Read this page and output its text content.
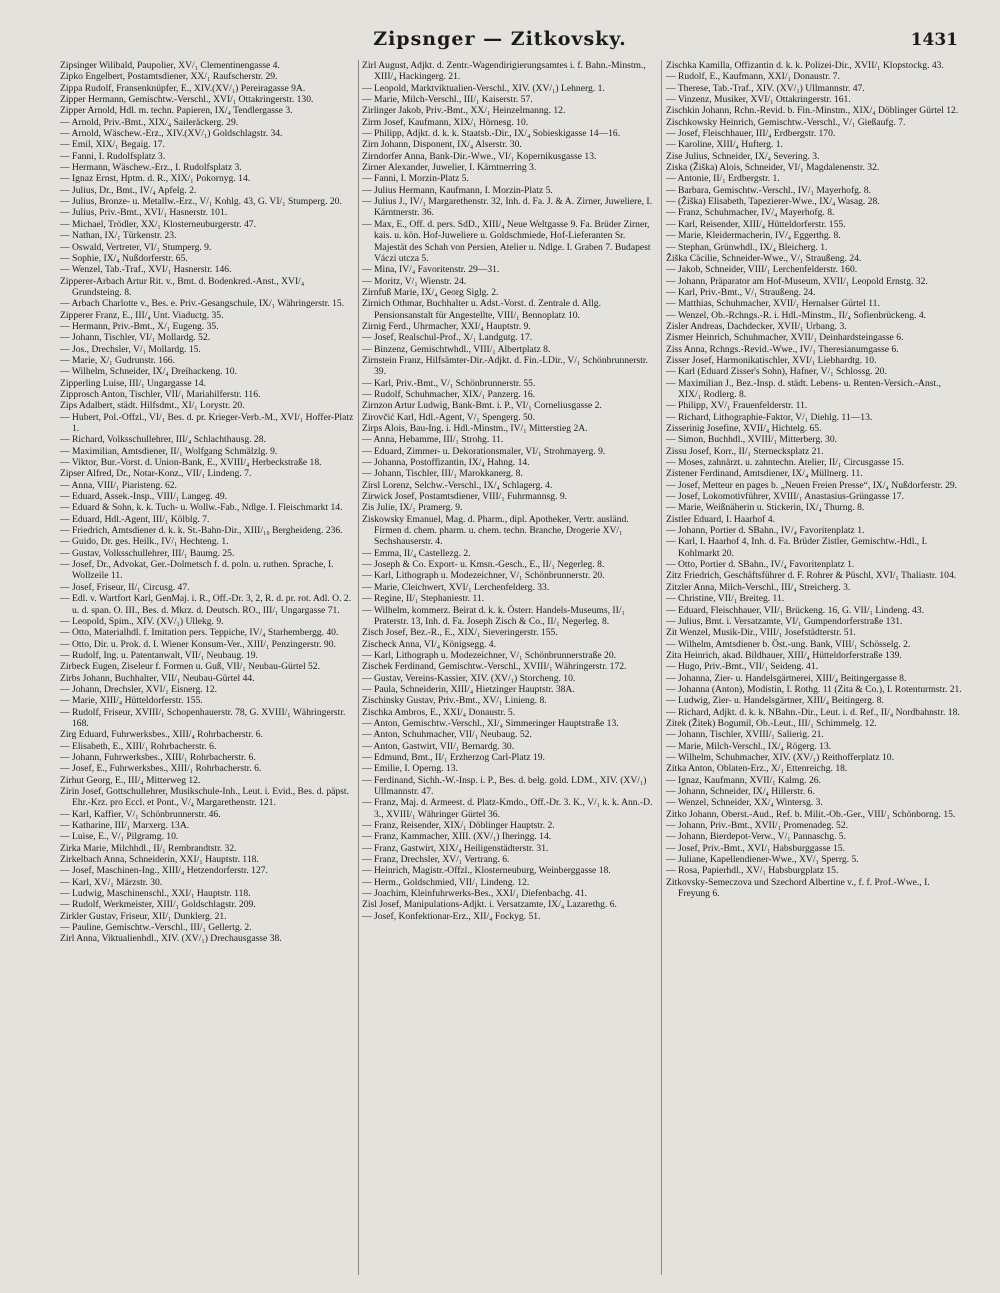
Zipsnger — Zitkovsky.	1431

Zipsinger Wilibald, Paupolier, XV/₁ Clementinengasse 4.

Zipko Engelbert, Postamtsdiener, XX/₁ Raufscherstr. 29.

Zippa Rudolf, Fransenknüpfer, E., XIV.(XV/₁) Pereiragasse 9A.

Zipper Hermann, Gemischtw.-Verschl., XVI/₁ Ottakringerstr. 130.

Zipper Arnold, Hdl. m. techn. Papieren, IX/₄ Tendlergasse 3.

— Arnold, Priv.-Bmt., XIX/₄ Saileräckerg. 29.

— Arnold, Wäschew.-Erz., XIV.(XV/₁) Goldschlagstr. 34.

— Emil, XIX/₁ Begaig. 17.

— Fanni, I. Rudolfsplatz 3.

— Hermann, Wäschew.-Erz., I. Rudolfsplatz 3.

— Ignaz Ernst, Hptm. d. R., XIX/₁ Pokornyg. 14.

— Julius, Dr., Bmt., IV/₄ Apfelg. 2.

— Julius, Bronze- u. Metallw.-Erz., V/₁ Kohlg. 43, G. VI/₁ Stumperg. 20.

— Julius, Priv.-Bmt., XVI/₁ Hasnerstr. 101.

— Michael, Trödler, XX/₁ Klosterneuburgerstr. 47.

— Nathan, IX/₁ Türkenstr. 23.

— Oswald, Vertreter, VI/₁ Stumperg. 9.

— Sophie, IX/₄ Nußdorferstr. 65.

— Wenzel, Tab.-Traf., XVI/₁ Hasnerstr. 146.

Zipperer-Arbach Artur Rit. v., Bmt. d. Bodenkred.-Anst., XVI/₄ Grundsteing. 8.

— Arbach Charlotte v., Bes. e. Priv.-Gesangschule, IX/₁ Währingerstr. 15.

Zipperer Franz, E., III/₄ Unt. Viaductg. 35.

— Hermann, Priv.-Bmt., X/₁ Eugeng. 35.

— Johann, Tischler, VI/₁ Mollardg. 52.

— Jos., Drechsler, V/₁ Mollardg. 15.

— Marie, X/₁ Gudrunstr. 166.

— Wilhelm, Schneider, IX/₄ Dreihackeng. 10.

Zipperling Luise, III/₁ Ungargasse 14.

Zipprosch Anton, Tischler, VII/₁ Mariahilferstr. 116.

Zips Adalbert, städt. Hilfsdmt., XI/₁ Lorystr. 20.

— Hubert, Pol.-Offzl., VI/₁ Bes. d. pr. Krieger-Verb.-M., XVI/₁ Hoffer-Platz 1.

— Richard, Volksschullehrer, III/₄ Schlachthausg. 28.

— Maximilian, Amtsdiener, II/₁ Wolfgang Schmälzlg. 9.

— Viktor, Bur.-Vorst. d. Union-Bank, E., XVIII/₄ Herbeckstraße 18.

Zipser Alfred, Dr., Notar-Konz., VII/₁ Lindeng. 7.

— Anna, VIII/₁ Piaristeng. 62.

— Eduard, Assek.-Insp., VIII/₁ Langeg. 49.

— Eduard & Sohn, k. k. Tuch- u. Wollw.-Fab., Ndlge. I. Fleischmarkt 14.

— Eduard, Hdl.-Agent, III/₁ Kölblg. 7.

— Friedrich, Amtsdiener d. k. k. St.-Bahn-Dir., XIII/₁₀ Bergheideng. 236.

— Guido, Dr. ges. Heilk., IV/₁ Hechteng. 1.

— Gustav, Volksschullehrer, III/₁ Baumg. 25.

— Josef, Dr., Advokat, Ger.-Dolmetsch f. d. poln. u. ruthen. Sprache, I. Wollzeile 11.

— Josef, Friseur, II/₁ Circusg. 47.

— Edl. v. Wartfort Karl, GenMaj. i. R., Off.-Dr. 3, 2, R. d. pr. rot. Adl. O. 2. u. d. span. O. III., Bes. d. Mkrz. d. Deutsch. RO., III/₁ Ungargasse 71.

— Leopold, Spim., XIV. (XV/₁) Ullekg. 9.

— Otto, Materialhdl. f. Imitation pers. Teppiche, IV/₄ Starhembergg. 40.

— Otto, Dir. u. Prok. d. I. Wiener Konsum-Ver., XIII/₁ Penzingerstr. 90.

— Rudolf, Ing. u. Patentanwalt, VII/₁ Neubaug. 19.

Zirbeck Eugen, Ziseleur f. Formen u. Guß, VII/₁ Neubau-Gürtel 52.

Zirbs Johann, Buchhalter, VII/₁ Neubau-Gürtel 44.

— Johann, Drechsler, XVI/₁ Eisnerg. 12.

— Marie, XIII/₄ Hütteldorferstr. 155.

— Rudolf, Friseur, XVIII/₁ Schopenhauerstr. 78, G. XVIII/₁ Währingerstr. 168.

Zirg Eduard, Fuhrwerksbes., XIII/₄ Rohrbacherstr. 6.

— Elisabeth, E., XIII/₁ Rohrbacherstr. 6.

— Johann, Fuhrwerksbes., XIII/₁ Rohrbacherstr. 6.

— Josef, E., Fuhrwerksbes., XIII/₁ Rohrbacherstr. 6.

Zirhut Georg, E., III/₄ Mitterweg 12.

Zirin Josef, Gottschullehrer, Musikschule-Inh., Leut. i. Evid., Bes. d. päpst. Ehr.-Krz. pro Eccl. et Pont., V/₄ Margarethenstr. 121.

— Karl, Kaffier, V/₁ Schönbrunnerstr. 46.

— Katharine, III/₁ Marxerg. 13A.

— Luise, E., V/₁ Pilgramg. 10.

Zirka Marie, Milchhdl., II/₁ Rembrandtstr. 32.

Zirkelbach Anna, Schneiderin, XXI/₁ Hauptstr. 118.

— Josef, Maschinen-Ing., XIII/₄ Hetzendorferstr. 127.

— Karl, XV/₁ Märzstr. 30.

— Ludwig, Maschinenschl., XXI/₁ Hauptstr. 118.

— Rudolf, Werkmeister, XIII/₁ Goldschlagstr. 209.

Zirkler Gustav, Friseur, XII/₁ Dunklerg. 21.

— Pauline, Gemischtw.-Verschl., III/₁ Gellertg. 2.

Zirl Anna, Viktualienhdl., XIV. (XV/₁) Drechausgasse 38.

Zirl August, Adjkt. d. Zentr.-Wagendirigierungsamtes i. f. Bahn.-Minstm., XIII/₄ Hackingerg. 21.

— Leopold, Marktviktualien-Verschl., XIV. (XV/₁) Lehnerg. 1.

— Marie, Milch-Verschl., III/₁ Kaiserstr. 57.

Zirlinger Jakob, Priv.-Bmt., XX/₁ Heinzelmanng. 12.

Zirm Josef, Kaufmann, XIX/₁ Hörnesg. 10.

— Philipp, Adjkt. d. k. k. Staatsb.-Dir., IX/₄ Sobieskigasse 14—16.

Zirn Johann, Disponent, IX/₄ Alserstr. 30.

Zirndorfer Anna, Bank-Dir.-Wwe., VI/₁ Kopernikusgasse 13.

Zirner Alexander, Juwelier, I. Kärntnerring 3.

— Fanni, I. Morzin-Platz 5.

— Julius Hermann, Kaufmann, I. Morzin-Platz 5.

— Julius J., IV/₁ Margarethenstr. 32, Inh. d. Fa. J. & A. Zirner, Juweliere, I. Kärntnerstr. 36.

— Max, E., Off. d. pers. SdD., XIII/₄ Neue Weltgasse 9. Fa. Brüder Zirner, kais. u. kön. Hof-Juweliere u. Goldschmiede, Hof-Lieferanten Sr. Majestät des Schah von Persien, Atelier u. Ndlge. I. Graben 7. Budapest Váczi utcza 5.

— Mina, IV/₄ Favoritenstr. 29—31.

— Moritz, V/₁ Wienstr. 24.

Zirnfuß Marie, IX/₄ Georg Siglg. 2.

Zirnich Othmar, Buchhalter u. Adst.-Vorst. d. Zentrale d. Allg. Pensionsanstalt für Angestellte, VIII/₁ Bennoplatz 10.

Zirnig Ferd., Uhrmacher, XXI/₄ Hauptstr. 9.

— Josef, Realschul-Prof., X/₁ Landgutg. 17.

— Binzenz, Gemischtwhdl., VIII/₁ Albertplatz 8.

Zirnstein Franz, Hilfsämter-Dir.-Adjkt. d. Fin.-LDir., V/₁ Schönbrunnerstr. 39.

— Karl, Priv.-Bmt., V/₁ Schönbrunnerstr. 55.

— Rudolf, Schuhmacher, XIX/₁ Panzerg. 16.

Zirnzon Artur Ludwig, Bank-Bmt. i. P., VI/₁ Corneliusgasse 2.

Zirovčić Karl, Hdl.-Agent, V/₁ Spengerg. 50.

Zirps Alois, Bau-Ing. i. Hdl.-Minstm., IV/₁ Mitterstieg 2A.

— Anna, Hebamme, III/₁ Strohg. 11.

— Eduard, Zimmer- u. Dekorationsmaler, VI/₁ Strohmayerg. 9.

— Johanna, Postoffizantin, IX/₄ Hahng. 14.

— Johann, Tischler, III/₁ Marokkanerg. 8.

Zirsl Lorenz, Selchw.-Verschl., IX/₄ Schlagerg. 4.

Zirwick Josef, Postamtsdiener, VIII/₁ Fuhrmannsg. 9.

Zis Julie, IX/₁ Pramerg. 9.

Ziskowsky Emanuel, Mag. d. Pharm., dipl. Apotheker, Vertr. ausländ. Firmen d. chem. pharm. u. chem. techn. Branche, Drogerie XV/₁ Sechshauserstr. 4.

— Emma, II/₄ Castellezg. 2.

— Joseph & Co. Export- u. Kmsn.-Gesch., E., II/₁ Negerleg. 8.

— Karl, Lithograph u. Modezeichner, V/₁ Schönbrunnerstr. 20.

— Marie, Cleichwert, XVI/₁ Lerchenfelderg. 33.

— Regine, II/₁ Stephaniestr. 11.

— Wilhelm, kommerz. Beirat d. k. k. Österr. Handels-Museums, II/₁ Praterstr. 13, Inh. d. Fa. Joseph Zisch & Co., II/₁ Negerleg. 8.

Zisch Josef, Bez.-R., E., XIX/₁ Sieveringerstr. 155.

Zischeck Anna, VI/₄ Königsegg. 4.

— Karl, Lithograph u. Modezeichner, V/₁ Schönbrunnerstraße 20.

Zischek Ferdinand, Gemischtw.-Verschl., XVIII/₁ Währingerstr. 172.

— Gustav, Vereins-Kassier, XIV. (XV/₁) Storcheng. 10.

— Paula, Schneiderin, XIII/₄ Hietzinger Hauptstr. 38A.

Zischinsky Gustav, Priv.-Bmt., XV/₁ Linieng. 8.

Zischka Ambros, E., XXI/₄ Donaustr. 5.

— Anton, Gemischtw.-Verschl., XI/₄ Simmeringer Hauptstraße 13.

— Anton, Schuhmacher, VII/₁ Neubaug. 52.

— Anton, Gastwirt, VII/₁ Bernardg. 30.

— Edmund, Bmt., II/₁ Erzherzog Carl-Platz 19.

— Emilie, I. Operng. 13.

— Ferdinand, Sichh.-W.-Insp. i. P., Bes. d. belg. gold. LDM., XIV. (XV/₁) Ullmannstr. 47.

— Franz, Maj. d. Armeest. d. Platz-Kmdo., Off.-Dr. 3. K., V/₁ k. k. Ann.-D. 3., XVIII/₁ Währinger Gürtel 36.

— Franz, Reisender, XIX/₁ Döblinger Hauptstr. 2.

— Franz, Kammacher, XIII. (XV/₁) Iheringg. 14.

— Franz, Gastwirt, XIX/₄ Heiligenstädterstr. 31.

— Franz, Drechsler, XV/₁ Vertrang. 6.

— Heinrich, Magistr.-Offzl., Klosterneuburg, Weinberggasse 18.

— Herm., Goldschmied, VII/₁ Lindeng. 12.

— Joachim, Kleinfuhrwerks-Bes., XXI/₁ Diefenbachg. 41.

Zisl Josef, Manipulations-Adjkt. i. Versatzamte, IX/₄ Lazarethg. 6.

— Josef, Konfektionar-Erz., XII/₄ Fockyg. 51.

Zischka Kamilla, Offizantin d. k. k. Polizei-Dir., XVII/₁ Klopstockg. 43.

— Rudolf, E., Kaufmann, XXI/₁ Donaustr. 7.

— Therese, Tab.-Traf., XIV. (XV/₁) Ullmannstr. 47.

— Vinzenz, Musiker, XVI/₁ Ottakringerstr. 161.

Zischkin Johann, Rchn.-Revid. b. Fin.-Minstm., XIX/₄ Döblinger Gürtel 12.

Zischkowsky Heinrich, Gemischtw.-Verschl., V/₁ Gießaufg. 7.

— Josef, Fleischhauer, III/₄ Erdbergstr. 170.

— Karoline, XIII/₄ Hufterg. 1.

Zise Julius, Schneider, IX/₄ Severing. 3.

Ziska (Žiška) Alois, Schneider, VI/₁ Magdalenenstr. 32.

— Antonie, II/₁ Erdbergstr. 1.

— Barbara, Gemischtw.-Verschl., IV/₁ Mayerhofg. 8.

— (Žiška) Elisabeth, Tapezierer-Wwe., IX/₄ Wasag. 28.

— Franz, Schuhmacher, IV/₄ Mayerhofg. 8.

— Karl, Reisender, XIII/₄ Hütteldorferstr. 155.

— Marie, Kleidermacherin, IV/₄ Eggerthg. 8.

— Stephan, Grünwhdl., IX/₄ Bleicherg. 1.

Žiška Cäcilie, Schneider-Wwe., V/₁ Straußeng. 24.

— Jakob, Schneider, VIII/₁ Lerchenfelderstr. 160.

— Johann, Präparator am Hof-Museum, XVII/₁ Leopold Ernstg. 32.

— Karl, Priv.-Bmt., V/₁ Straußeng. 24.

— Matthias, Schuhmacher, XVII/₁ Hernalser Gürtel 11.

— Wenzel, Ob.-Rchngs.-R. i. Hdl.-Minstm., II/₄ Sofienbrückeng. 4.

Zisler Andreas, Dachdecker, XVII/₁ Urbang. 3.

Zismer Heinrich, Schuhmacher, XVII/₁ Deinhardsteingasse 6.

Ziss Anna, Rchngs.-Revid.-Wwe., IV/₁ Theresianumgasse 6.

Zisser Josef, Harmonikatischler, XVI/₁ Liebhardtg. 10.

— Karl (Eduard Zisser's Sohn), Hafner, V/₁ Schlossg. 20.

— Maximilian J., Bez.-Insp. d. städt. Lebens- u. Renten-Versich.-Anst., XIX/₁ Rodlerg. 8.

— Philipp, XV/₁ Frauenfelderstr. 11.

— Richard, Lithographie-Faktor, V/₁ Diehlg. 11—13.

Zisserinig Josefine, XVII/₄ Hichtelg. 65.

— Simon, Buchhdl., XVIII/₁ Mitterberg. 30.

Zissu Josef, Korr., II/₁ Sternecksplatz 21.

— Moses, zahnärzt. u. zahntechn. Atelier, II/₁ Circusgasse 15.

Zistener Ferdinand, Amtsdiener, IX/₄ Müllnerg. 11.

— Josef, Metteur en pages b. „Neuen Freien Presse“, IX/₄ Nußdorferstr. 29.

— Josef, Lokomotivführer, XVIII/₁ Anastasius-Grüngasse 17.

— Marie, Weißnäherin u. Stickerin, IX/₄ Thurng. 8.

Zistler Eduard, I. Haarhof 4.

— Johann, Portier d. SBahn., IV/₄ Favoritenplatz 1.

— Karl, I. Haarhof 4, Inh. d. Fa. Brüder Zistler, Gemischtw.-Hdl., I. Kohlmarkt 20.

— Otto, Portier d. SBahn., IV/₄ Favoritenplatz 1.

Zitz Friedrich, Geschäftsführer d. F. Rohrer & Püschl, XVI/₁ Thaliastr. 104.

Zitzler Anna, Milch-Verschl., III/₄ Streicherg. 3.

— Christine, VII/₁ Breiteg. 11.

— Eduard, Fleischhauer, VII/₁ Brückeng. 16, G. VII/₁ Lindeng. 43.

— Julius, Bmt. i. Versatzamte, VI/₁ Gumpendorferstraße 131.

Zit Wenzel, Musik-Dir., VIII/₁ Josefstädterstr. 51.

— Wilhelm, Amtsdiener b. Öst.-ung. Bank, VIII/₁ Schösselg. 2.

Zita Heinrich, akad. Bildhauer, XIII/₄ Hütteldorferstraße 139.

— Hugo, Priv.-Bmt., VII/₁ Seideng. 41.

— Johanna, Zier- u. Handelsgärtnerei, XIII/₄ Beitingergasse 8.

— Johanna (Anton), Modistin, I. Rothg. 11 (Zita & Co.), I. Rotenturmstr. 21.

— Ludwig, Zier- u. Handelsgärtner, XIII/₄ Beitingerg. 8.

— Richard, Adjkt. d. k. k. NBahn.-Dir., Leut. i. d. Ref., II/₄ Nordbahnstr. 18.

Zitek (Žitek) Bogumil, Ob.-Leut., III/₁ Schimmelg. 12.

— Johann, Tischler, XVIII/₁ Salierig. 21.

— Marie, Milch-Verschl., IX/₄ Rögerg. 13.

— Wilhelm, Schuhmacher, XIV. (XV/₁) Reithofferplatz 10.

Zitka Anton, Oblaten-Erz., X/₁ Ettenreichg. 18.

— Ignaz, Kaufmann, XVII/₁ Kalmg. 26.

— Johann, Schneider, IX/₄ Hillerstr. 6.

— Wenzel, Schneider, XX/₄ Wintersg. 3.

Zitko Johann, Oberst.-Aud., Ref. b. Milit.-Ob.-Ger., VIII/₁ Schönborng. 15.

— Johann, Priv.-Bmt., XVII/₁ Promenadeg. 52.

— Johann, Bierdepot-Verw., V/₁ Pannaschg. 5.

— Josef, Priv.-Bmt., XVI/₁ Habsburggasse 15.

— Juliane, Kapellendiener-Wwe., XV/₁ Sperrg. 5.

— Rosa, Papierhdl., XV/₁ Habsburgplatz 15.

Zitkovsky-Semeczova und Szechord Albertine v., f. f. Prof.-Wwe., I. Freyung 6.
